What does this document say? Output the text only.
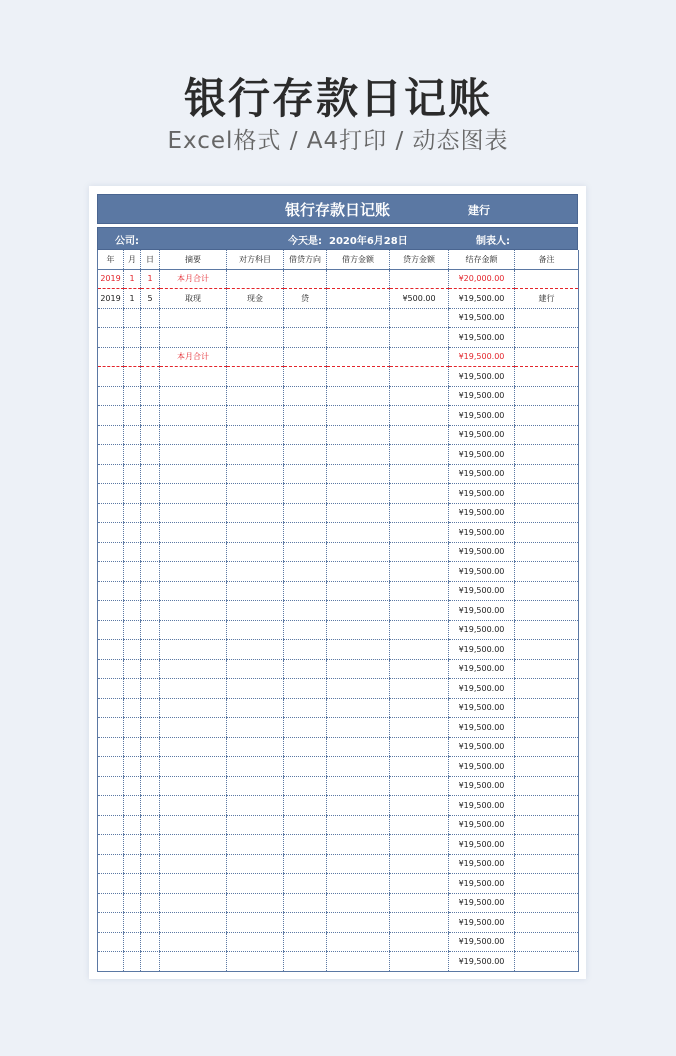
银行存款日记账
Excel格式 / A4打印 / 动态图表
银行存款日记账	建行
公司:	今天是: 2020年6月28日	制表人:
年	月	日	摘要	对方科目	借贷方向	借方金额	贷方金额	结存金额	备注
2019	1	1	本月合计					¥20,000.00	
2019	1	5	取现	现金	贷		¥500.00	¥19,500.00	建行
								¥19,500.00	
								¥19,500.00	
			本月合计					¥19,500.00	
								¥19,500.00	
								¥19,500.00	
								¥19,500.00	
								¥19,500.00	
								¥19,500.00	
								¥19,500.00	
								¥19,500.00	
								¥19,500.00	
								¥19,500.00	
								¥19,500.00	
								¥19,500.00	
								¥19,500.00	
								¥19,500.00	
								¥19,500.00	
								¥19,500.00	
								¥19,500.00	
								¥19,500.00	
								¥19,500.00	
								¥19,500.00	
								¥19,500.00	
								¥19,500.00	
								¥19,500.00	
								¥19,500.00	
								¥19,500.00	
								¥19,500.00	
								¥19,500.00	
								¥19,500.00	
								¥19,500.00	
								¥19,500.00	
								¥19,500.00	
								¥19,500.00	
